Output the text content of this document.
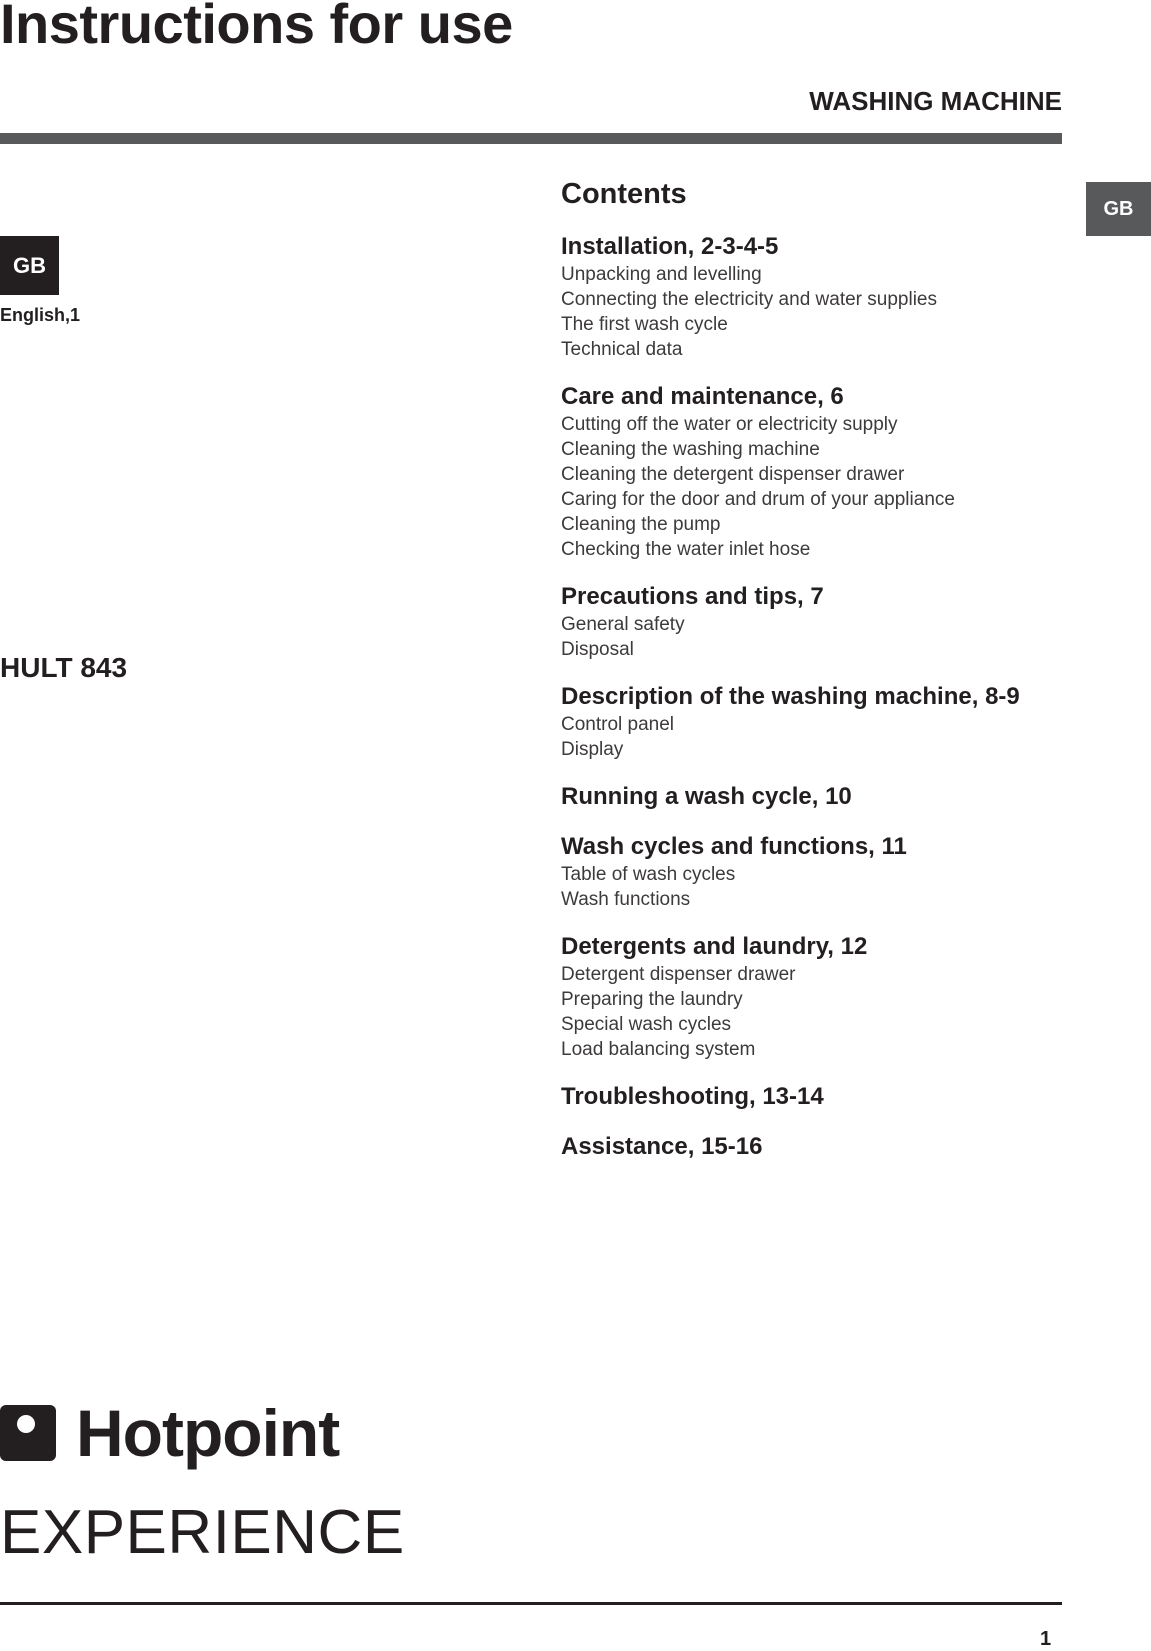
Instructions for use
WASHING MACHINE
GB
GB
English,1
HULT 843
Contents
Installation, 2-3-4-5
Unpacking and levelling
Connecting the electricity and water supplies
The first wash cycle
Technical data
Care and maintenance, 6
Cutting off the water or electricity supply
Cleaning the washing machine
Cleaning the detergent dispenser drawer
Caring for the door and drum of your appliance
Cleaning the pump
Checking the water inlet hose
Precautions and tips, 7
General safety
Disposal
Description of the washing machine, 8-9
Control panel
Display
Running a wash cycle, 10
Wash cycles and functions, 11
Table of wash cycles
Wash functions
Detergents and laundry, 12
Detergent dispenser drawer
Preparing the laundry
Special wash cycles
Load balancing system
Troubleshooting, 13-14
Assistance, 15-16
Hotpoint
EXPERIENCE
1
